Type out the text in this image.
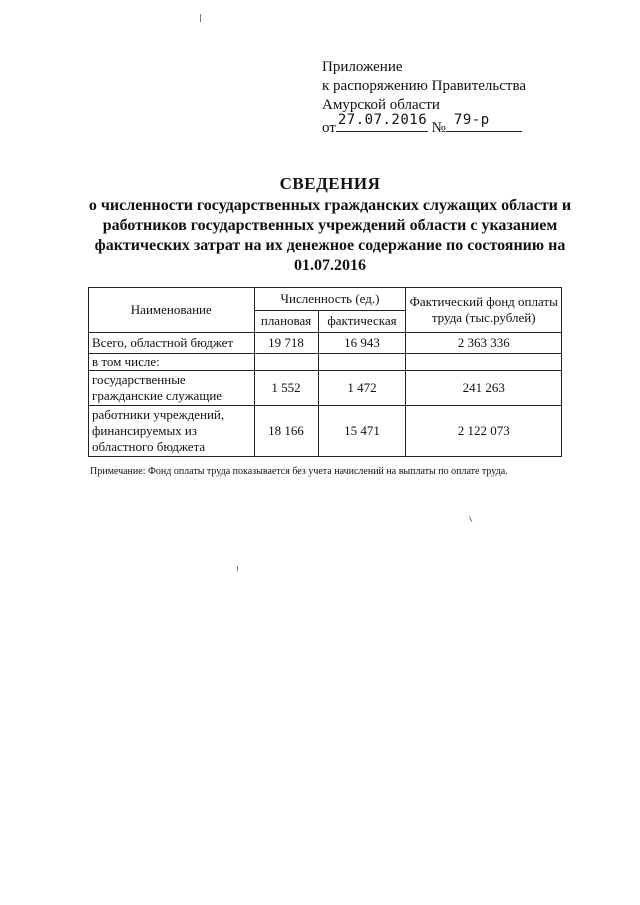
Приложение
к распоряжению Правительства
Амурской области
от 27.07.2016 № 79-р
СВЕДЕНИЯ
о численности государственных гражданских служащих области и работников государственных учреждений области с указанием фактических затрат на их денежное содержание по состоянию на 01.07.2016
Наименование	Численность (ед.)		Фактический фонд оплаты труда (тыс.рублей)
	плановая	фактическая	
Всего, областной бюджет	19 718	16 943	2 363 336
в том числе:			
государственные гражданские служащие	1 552	1 472	241 263
работники учреждений, финансируемых из областного бюджета	18 166	15 471	2 122 073
Примечание: Фонд оплаты труда показывается без учета начислений на выплаты по оплате труда.
